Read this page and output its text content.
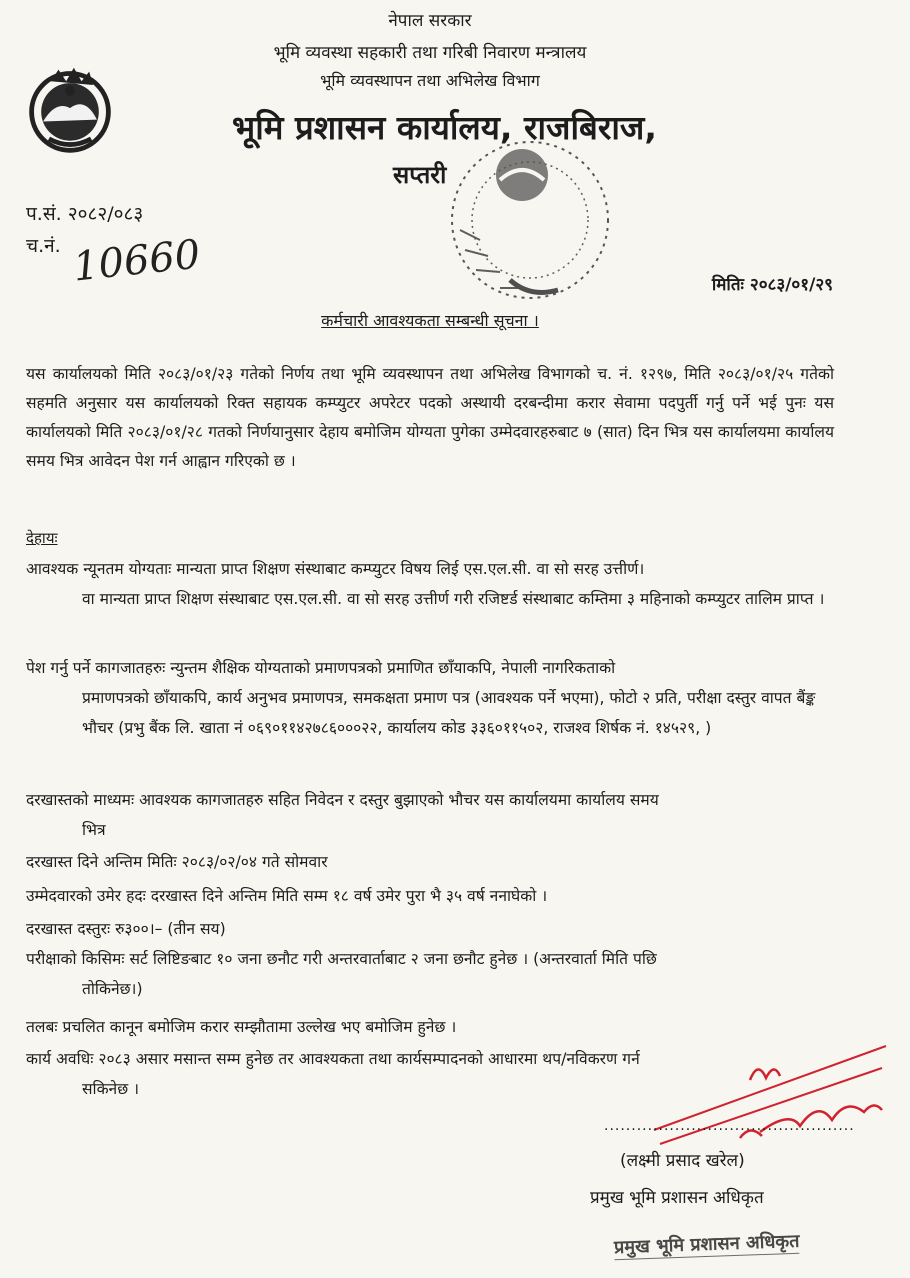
नेपाल सरकार
भूमि व्यवस्था सहकारी तथा गरिबी निवारण मन्त्रालय
भूमि व्यवस्थापन तथा अभिलेख विभाग
भूमि प्रशासन कार्यालय, राजबिराज,
सप्तरी
प.सं. २०८२/०८३
च.नं. 10660	मितिः २०८३/०१/२९
कर्मचारी आवश्यकता सम्बन्धी सूचना ।
यस कार्यालयको मिति २०८३/०१/२३ गतेको निर्णय तथा भूमि व्यवस्थापन तथा अभिलेख विभागको च. नं. १२९७, मिति २०८३/०१/२५ गतेको सहमति अनुसार यस कार्यालयको रिक्त सहायक कम्प्युटर अपरेटर पदको अस्थायी दरबन्दीमा करार सेवामा पदपुर्ती गर्नु पर्ने भई पुनः यस कार्यालयको मिति २०८३/०१/२८ गतको निर्णयानुसार देहाय बमोजिम योग्यता पुगेका उम्मेदवारहरुबाट ७ (सात) दिन भित्र यस कार्यालयमा कार्यालय समय भित्र आवेदन पेश गर्न आह्वान गरिएको छ ।
देहायः
आवश्यक न्यूनतम योग्यताः मान्यता प्राप्त शिक्षण संस्थाबाट कम्प्युटर विषय लिई एस.एल.सी. वा सो सरह उत्तीर्ण।
वा मान्यता प्राप्त शिक्षण संस्थाबाट एस.एल.सी. वा सो सरह उत्तीर्ण गरी रजिष्टर्ड संस्थाबाट कम्तिमा ३ महिनाको कम्प्युटर तालिम प्राप्त ।
पेश गर्नु पर्ने कागजातहरुः न्युन्तम शैक्षिक योग्यताको प्रमाणपत्रको प्रमाणित छाँयाकपि, नेपाली नागरिकताको
प्रमाणपत्रको छाँयाकपि, कार्य अनुभव प्रमाणपत्र, समकक्षता प्रमाण पत्र (आवश्यक पर्ने भएमा), फोटो २ प्रति, परीक्षा दस्तुर वापत बैंङ्क भौचर (प्रभु बैंक लि. खाता नं ०६९०११४२७८६०००२२, कार्यालय कोड ३३६०११५०२, राजश्व शिर्षक नं. १४५२९, )
दरखास्तको माध्यमः आवश्यक कागजातहरु सहित निवेदन र दस्तुर बुझाएको भौचर यस कार्यालयमा कार्यालय समय
भित्र
दरखास्त दिने अन्तिम मितिः २०८३/०२/०४ गते सोमवार
उम्मेदवारको उमेर हदः दरखास्त दिने अन्तिम मिति सम्म १८ वर्ष उमेर पुरा भै ३५ वर्ष ननाघेको ।
दरखास्त दस्तुरः रु३००।– (तीन सय)
परीक्षाको किसिमः सर्ट लिष्टिङबाट १० जना छनौट गरी अन्तरवार्ताबाट २ जना छनौट हुनेछ । (अन्तरवार्ता मिति पछि
तोकिनेछ।)
तलबः प्रचलित कानून बमोजिम करार सम्झौतामा उल्लेख भए बमोजिम हुनेछ ।
कार्य अवधिः २०८३ असार मसान्त सम्म हुनेछ तर आवश्यकता तथा कार्यसम्पादनको आधारमा थप/नविकरण गर्न
सकिनेछ ।
..............................................
(लक्ष्मी प्रसाद खरेल)
प्रमुख भूमि प्रशासन अधिकृत
प्रमुख भूमि प्रशासन अधिकृत
